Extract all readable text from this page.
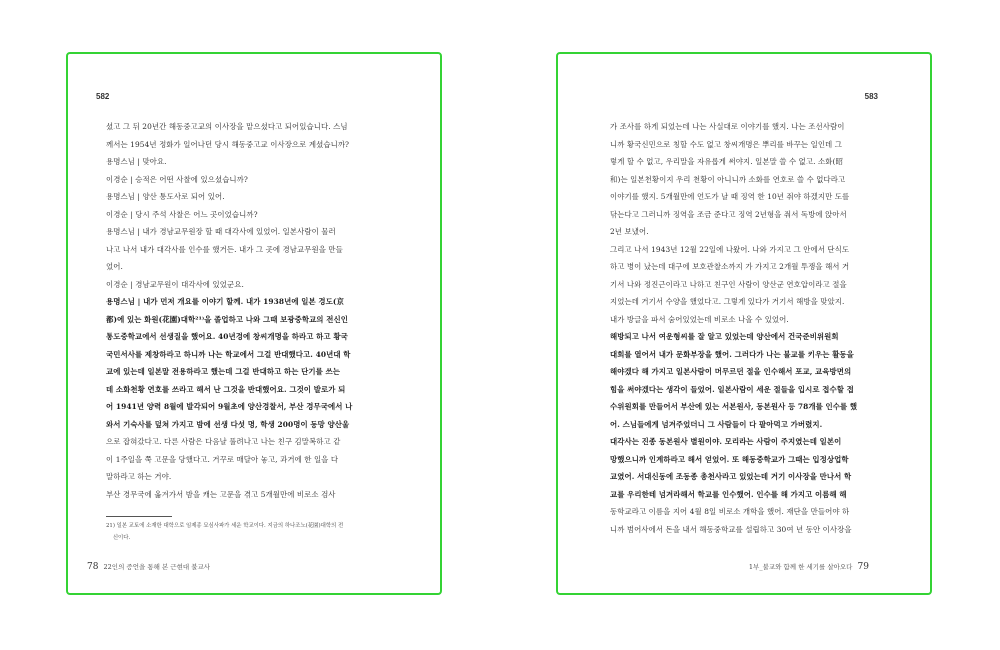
582
셨고 그 뒤 20년간 해동중고교의 이사장을 맡으셨다고 되어있습니다. 스님
께서는 1954년 정화가 일어나던 당시 해동중고교 이사장으로 계셨습니까?
용명스님 | 맞아요.
이경순 | 승적은 어떤 사찰에 있으셨습니까?
용명스님 | 양산 통도사로 되어 있어.
이경순 | 당시 주석 사찰은 어느 곳이었습니까?
용명스님 | 내가 경남교무원장 할 때 대각사에 있었어. 일본사람이 물러
나고 나서 내가 대각사를 인수를 했거든. 내가 그 곳에 경남교무원을 만들
었어.
이경순 | 경남교무원이 대각사에 있었군요.
용명스님 | 내가 먼저 개요를 이야기 할께. 내가 1938년에 일본 경도(京
都)에 있는 화원(花園)대학²¹⁾을 졸업하고 나와 그때 보광중학교의 전신인
통도중학교에서 선생질을 했어요. 40년경에 창씨개명을 하라고 하고 황국
국민서사를 제창하라고 하니까 나는 학교에서 그걸 반대했다고. 40년대 학
교에 있는데 일본말 전용하라고 했는데 그걸 반대하고 하는 단기를 쓰는
데 소화천황 연호를 쓰라고 해서 난 그것을 반대했어요. 그것이 발로가 되
어 1941년 양력 8월에 발각되어 9월초에 양산경찰서, 부산 경무국에서 나
와서 기숙사를 덮쳐 가지고 밤에 선생 다섯 명, 학생 200명이 동망 양산울
으로 잡혀갔다고. 다른 사람은 다음날 풀려나고 나는 친구 김말복하고 같
이 1주일을 쭉 고문을 당했다고. 거꾸로 매달아 놓고, 과거에 한 일을 다
말하라고 하는 거야.
부산 경무국에 옮겨가서 밤을 캐는 고문을 겪고 5개월만에 비로소 검사
21) 일본 교토에 소재한 대학으로 임제종 묘심사파가 세운 학교이다. 지금의 하나조노(花園)대학의 전
신이다.
78 22인의 증언을 통해 본 근현대 불교사
583
가 조사를 하게 되었는데 나는 사실대로 이야기를 했지. 나는 조선사람이
니까 황국신민으로 칭할 수도 없고 창씨개명은 뿌리를 바꾸는 일인데 그
렇게 할 수 없고, 우리말을 자유롭게 써야지. 일본말 쓸 수 없고. 소화(昭
和)는 일본천황이지 우리 천황이 아니니까 소화를 연호로 쓸 수 없다라고
이야기를 했지. 5개월만에 언도가 날 때 징역 한 10년 줘야 하겠지만 도를
닦는다고 그러니까 징역을 조금 준다고 징역 2년형을 줘서 독방에 앉아서
2년 보냈어.
그리고 나서 1943년 12월 22일에 나왔어. 나와 가지고 그 안에서 단식도
하고 병이 났는데 대구에 보호관찰소까지 가 가지고 2개월 투쟁을 해서 거
기서 나와 정진근이라고 나하고 친구인 사람이 양산군 연호압이라고 절을
지었는데 거기서 수양을 했었다고. 그렇게 있다가 거기서 해방을 맞았지.
내가 방글을 파서 숨어있었는데 비로소 나올 수 있었어.
해방되고 나서 여운형씨를 잘 알고 있었는데 양산에서 건국준비위원회
대회를 열어서 내가 문화부장을 했어. 그러다가 나는 불교를 키우는 활동을
해야겠다 해 가지고 일본사람이 머무르던 절을 인수해서 포교, 교육방면의
힘을 써야겠다는 생각이 들었어. 일본사람이 세운 절들을 입시로 접수할 접
수위원회를 만들어서 부산에 있는 서본원사, 동본원사 등 78개를 인수를 했
어. 스님들에게 넘겨주었더니 그 사람들이 다 팔아먹고 가버렸지.
대각사는 진종 동본원사 별원이야. 모리라는 사람이 주지였는데 일본이
망했으니까 인계하라고 해서 얻었어. 또 해동중학교가 그때는 입정상업학
교였어. 서대신동에 조동종 총천사라고 있었는데 거기 이사장을 만나서 학
교를 우리한테 넘겨라해서 학교를 인수했어. 인수를 해 가지고 이름해 해
동학교라고 이름을 지어 4월 8일 비로소 개학을 했어. 재단을 만들어야 하
니까 범어사에서 돈을 내서 해동중학교를 설립하고 30여 년 동안 이사장을
1부_불교와 함께 한 세기를 살아오다 79
